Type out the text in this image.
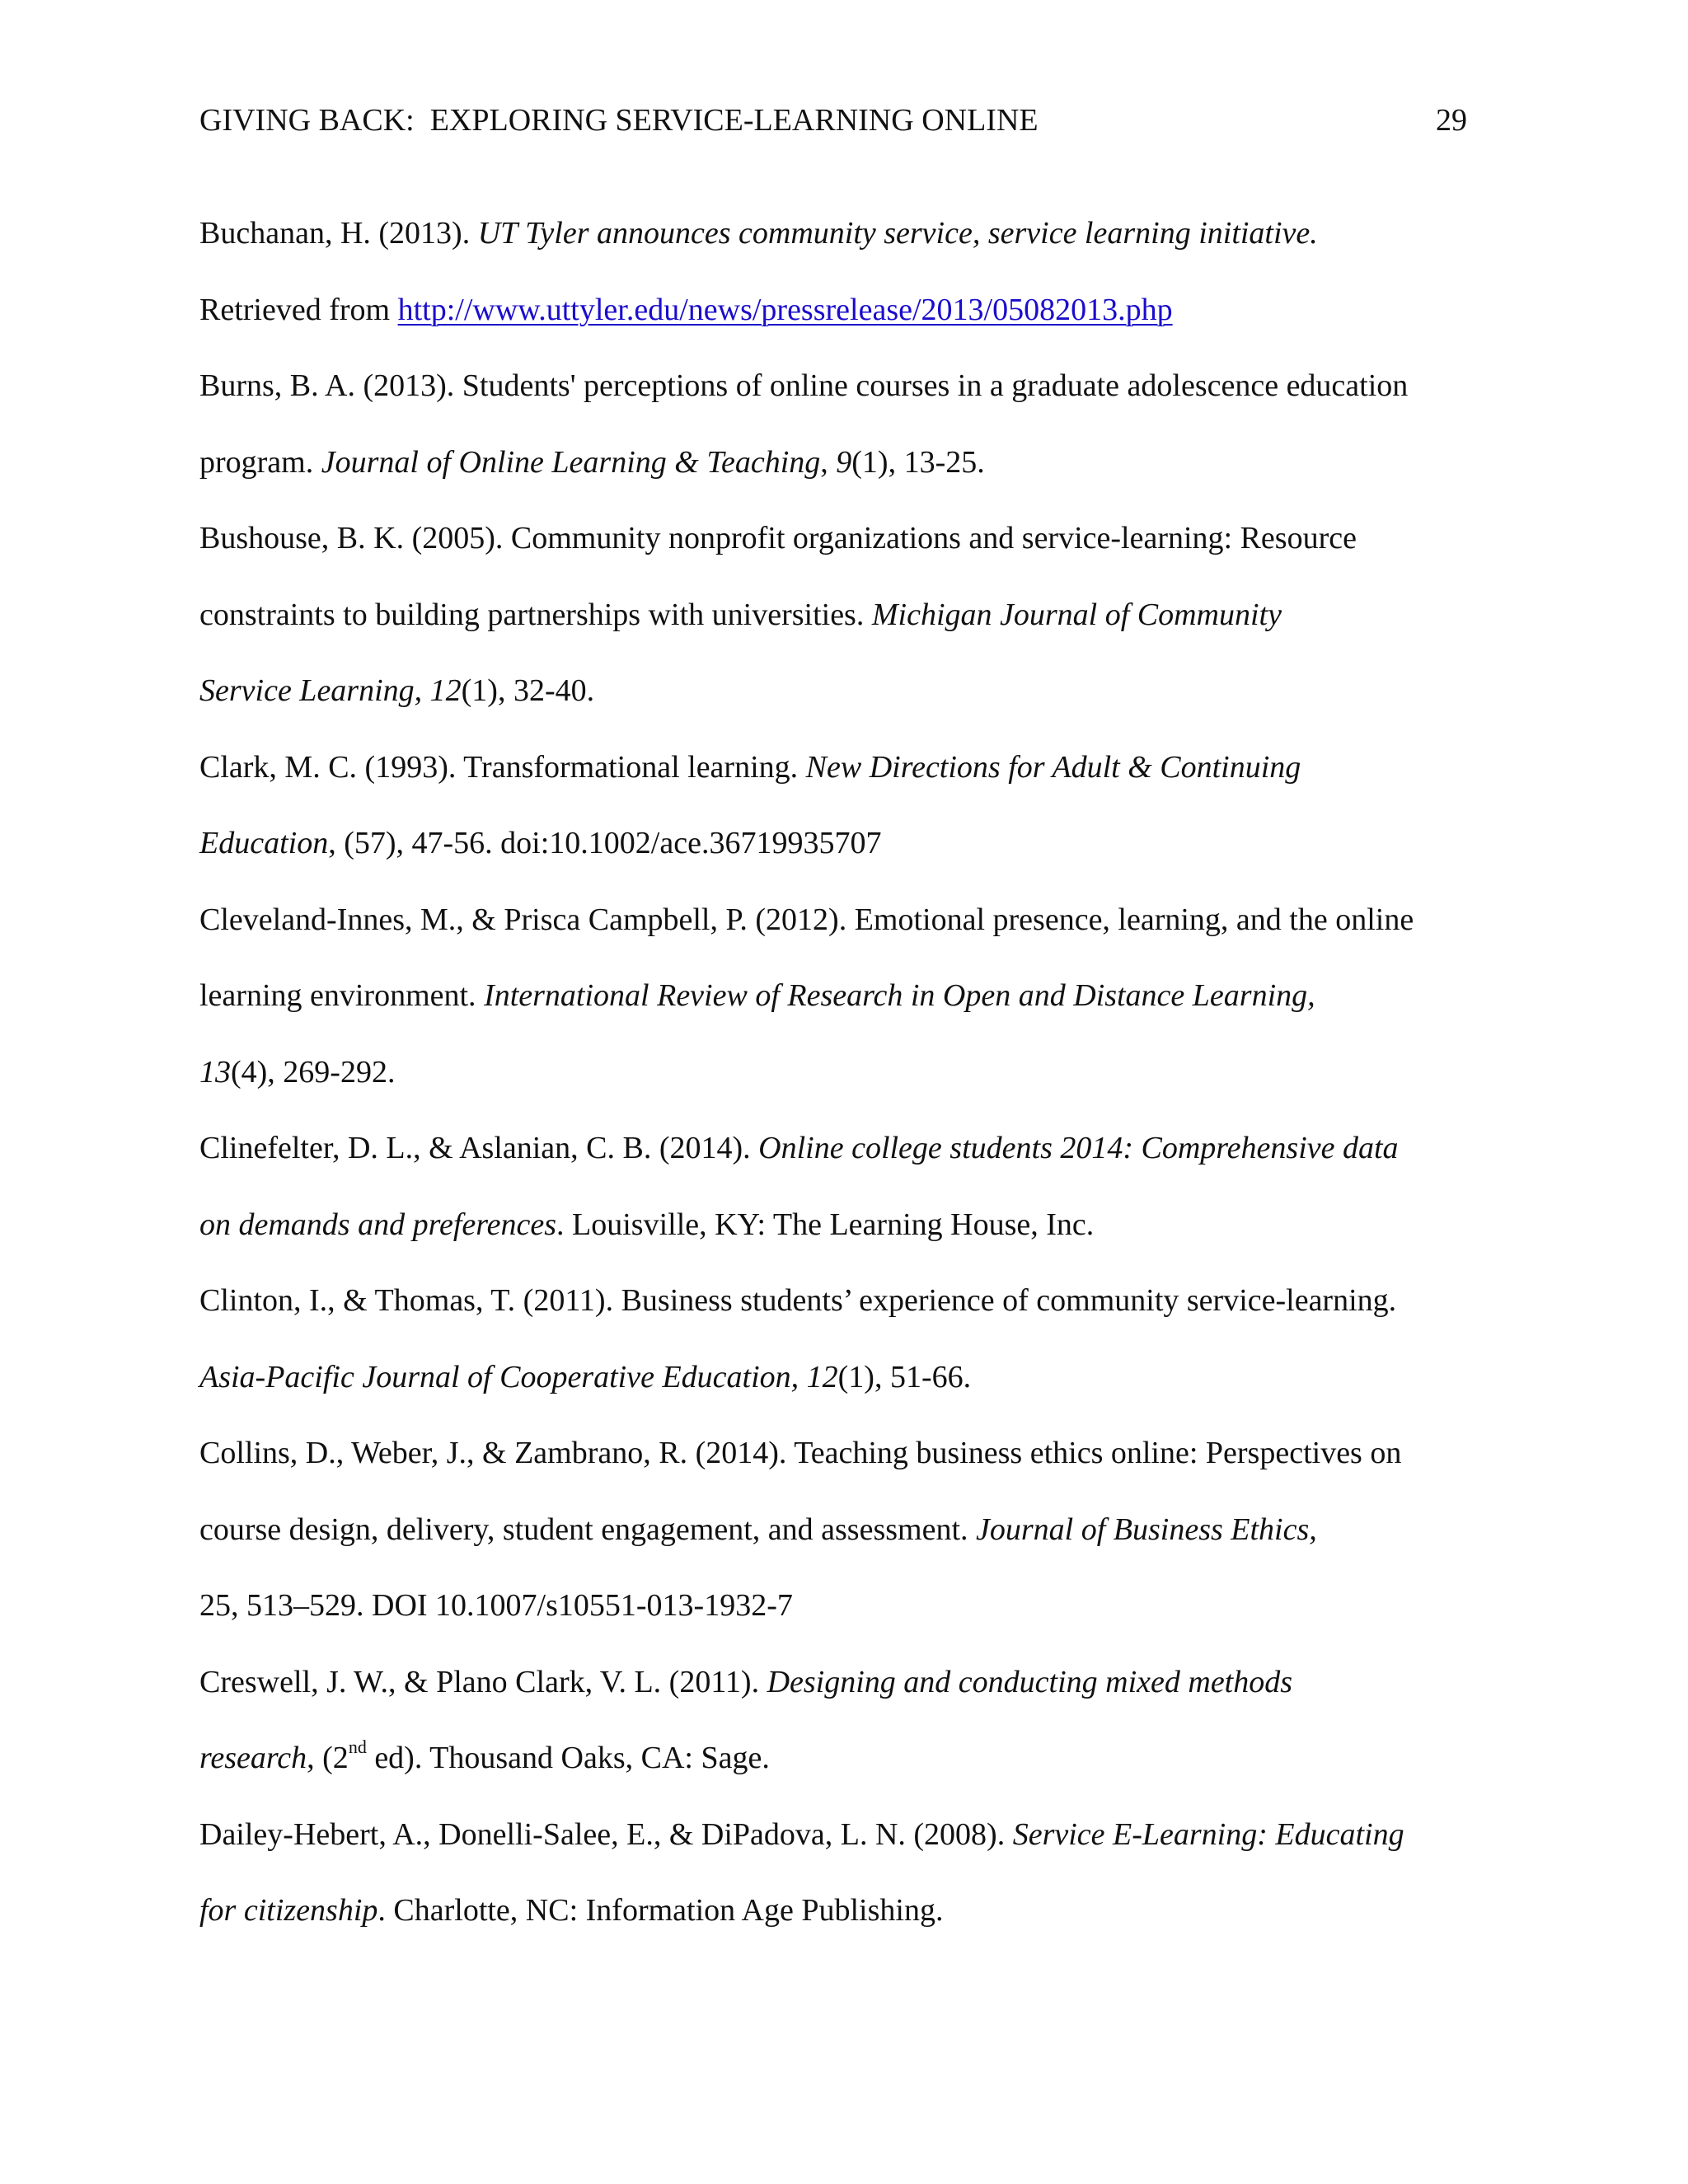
GIVING BACK:  EXPLORING SERVICE-LEARNING ONLINE	29
Buchanan, H. (2013). UT Tyler announces community service, service learning initiative.
Retrieved from http://www.uttyler.edu/news/pressrelease/2013/05082013.php
Burns, B. A. (2013). Students' perceptions of online courses in a graduate adolescence education
program. Journal of Online Learning & Teaching, 9(1), 13-25.
Bushouse, B. K. (2005). Community nonprofit organizations and service-learning: Resource
constraints to building partnerships with universities. Michigan Journal of Community
Service Learning, 12(1), 32-40.
Clark, M. C. (1993). Transformational learning. New Directions for Adult & Continuing
Education, (57), 47-56. doi:10.1002/ace.36719935707
Cleveland-Innes, M., & Prisca Campbell, P. (2012). Emotional presence, learning, and the online
learning environment. International Review of Research in Open and Distance Learning,
13(4), 269-292.
Clinefelter, D. L., & Aslanian, C. B. (2014). Online college students 2014: Comprehensive data
on demands and preferences. Louisville, KY: The Learning House, Inc.
Clinton, I., & Thomas, T. (2011). Business students’ experience of community service-learning.
Asia-Pacific Journal of Cooperative Education, 12(1), 51-66.
Collins, D., Weber, J., & Zambrano, R. (2014). Teaching business ethics online: Perspectives on
course design, delivery, student engagement, and assessment. Journal of Business Ethics,
25, 513–529. DOI 10.1007/s10551-013-1932-7
Creswell, J. W., & Plano Clark, V. L. (2011). Designing and conducting mixed methods
research, (2nd ed). Thousand Oaks, CA: Sage.
Dailey-Hebert, A., Donelli-Salee, E., & DiPadova, L. N. (2008). Service E-Learning: Educating
for citizenship. Charlotte, NC: Information Age Publishing.
